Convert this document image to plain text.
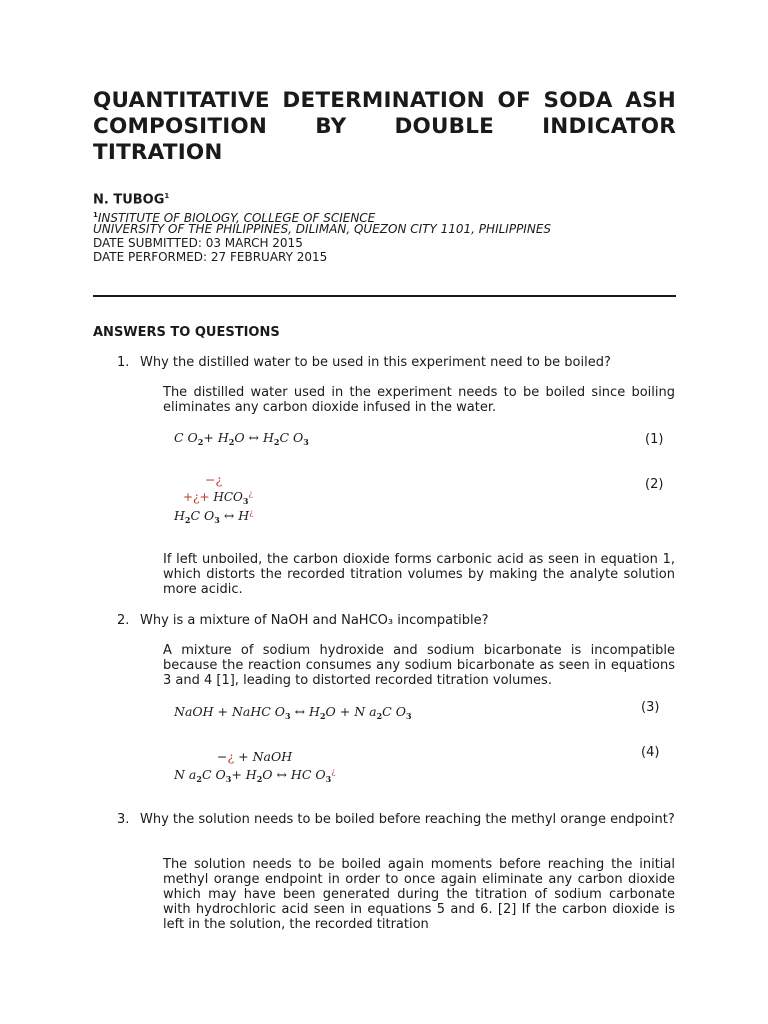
QUANTITATIVE DETERMINATION OF SODA ASH COMPOSITION BY DOUBLE INDICATOR TITRATION
N. TUBOG$^1$
$^1$INSTITUTE OF BIOLOGY, COLLEGE OF SCIENCE
UNIVERSITY OF THE PHILIPPINES, DILIMAN, QUEZON CITY 1101, PHILIPPINES
DATE SUBMITTED: 03 MARCH 2015
DATE PERFORMED: 27 FEBRUARY 2015
ANSWERS TO QUESTIONS
1. Why the distilled water to be used in this experiment need to be boiled?
The distilled water used in the experiment needs to be boiled since boiling eliminates any carbon dioxide infused in the water.
C $O_2+ H_2O$ ↔ $H_2C$ $O_3$	(1)
−¿
+¿+ $HCO_3^¿$
$H_2C$ $O_3$ ↔ H¿
(2)
If left unboiled, the carbon dioxide forms carbonic acid as seen in equation 1, which distorts the recorded titration volumes by making the analyte solution more acidic.
2. Why is a mixture of NaOH and NaHCO₃ incompatible?
A mixture of sodium hydroxide and sodium bicarbonate is incompatible because the reaction consumes any sodium bicarbonate as seen in equations 3 and 4 [1], leading to distorted recorded titration volumes.
NaOH + NaHC $O_3$ ↔ $H_2O + N$ $a_2C$ $O_3$
(3)
−¿ + NaOH
N $a_2C$ $O_3+ H_2O$ ↔ HC $O_3^¿$
(4)
3. Why the solution needs to be boiled before reaching the methyl orange endpoint?
The solution needs to be boiled again moments before reaching the initial methyl orange endpoint in order to once again eliminate any carbon dioxide which may have been generated during the titration of sodium carbonate with hydrochloric acid seen in equations 5 and 6. [2] If the carbon dioxide is left in the solution, the recorded titration
